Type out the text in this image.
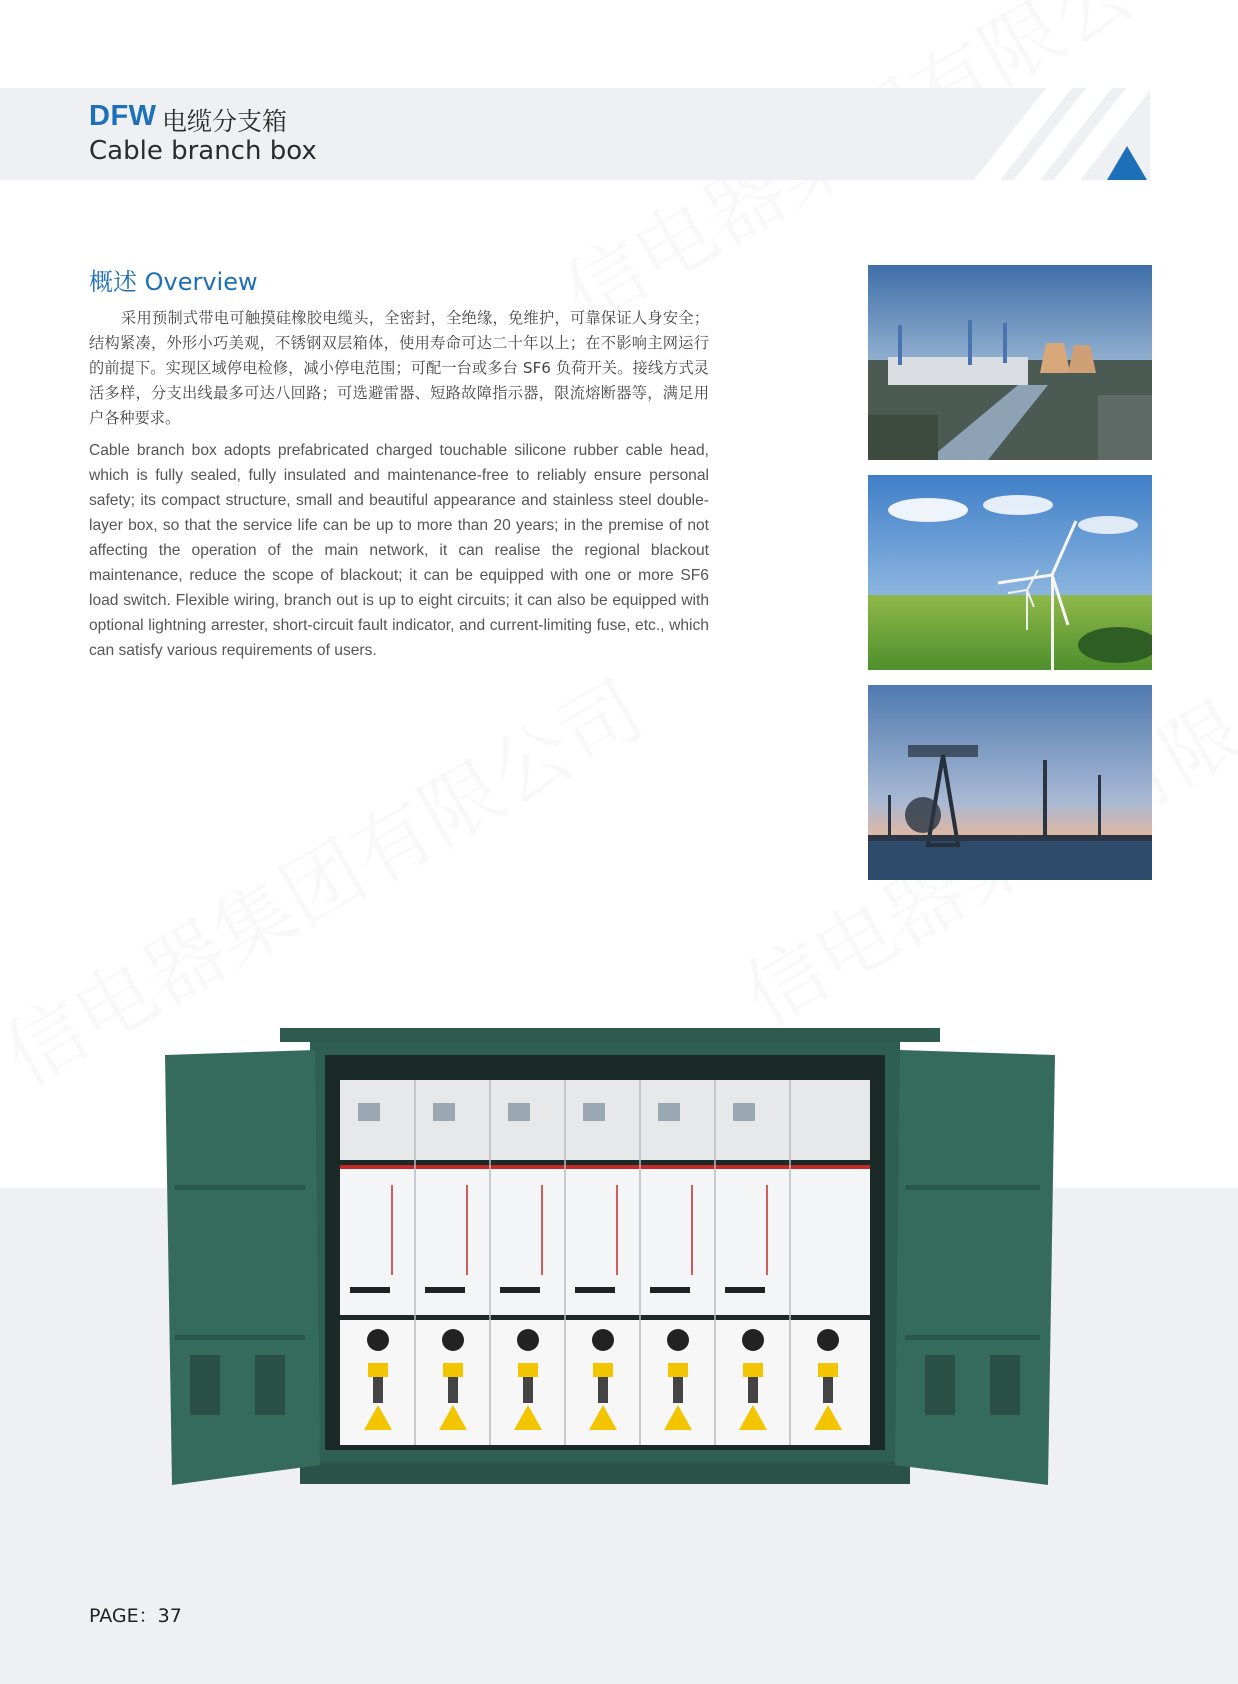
DFW 电缆分支箱
Cable branch box
概述 Overview
采用预制式带电可触摸硅橡胶电缆头，全密封，全绝缘，免维护，可靠保证人身安全；结构紧凑，外形小巧美观，不锈钢双层箱体，使用寿命可达二十年以上；在不影响主网运行的前提下。实现区域停电检修，减小停电范围；可配一台或多台 SF6 负荷开关。接线方式灵活多样，分支出线最多可达八回路；可选避雷器、短路故障指示器，限流熔断器等，满足用户各种要求。
Cable branch box adopts prefabricated charged touchable silicone rubber cable head, which is fully sealed, fully insulated and maintenance-free to reliably ensure personal safety; its compact structure, small and beautiful appearance and stainless steel double-layer box, so that the service life can be up to more than 20 years; in the premise of not affecting the operation of the main network, it can realise the regional blackout maintenance, reduce the scope of blackout; it can be equipped with one or more SF6 load switch. Flexible wiring, branch out is up to eight circuits; it can also be equipped with optional lightning arrester, short-circuit fault indicator, and current-limiting fuse, etc., which can satisfy various requirements of users.
PAGE：37
